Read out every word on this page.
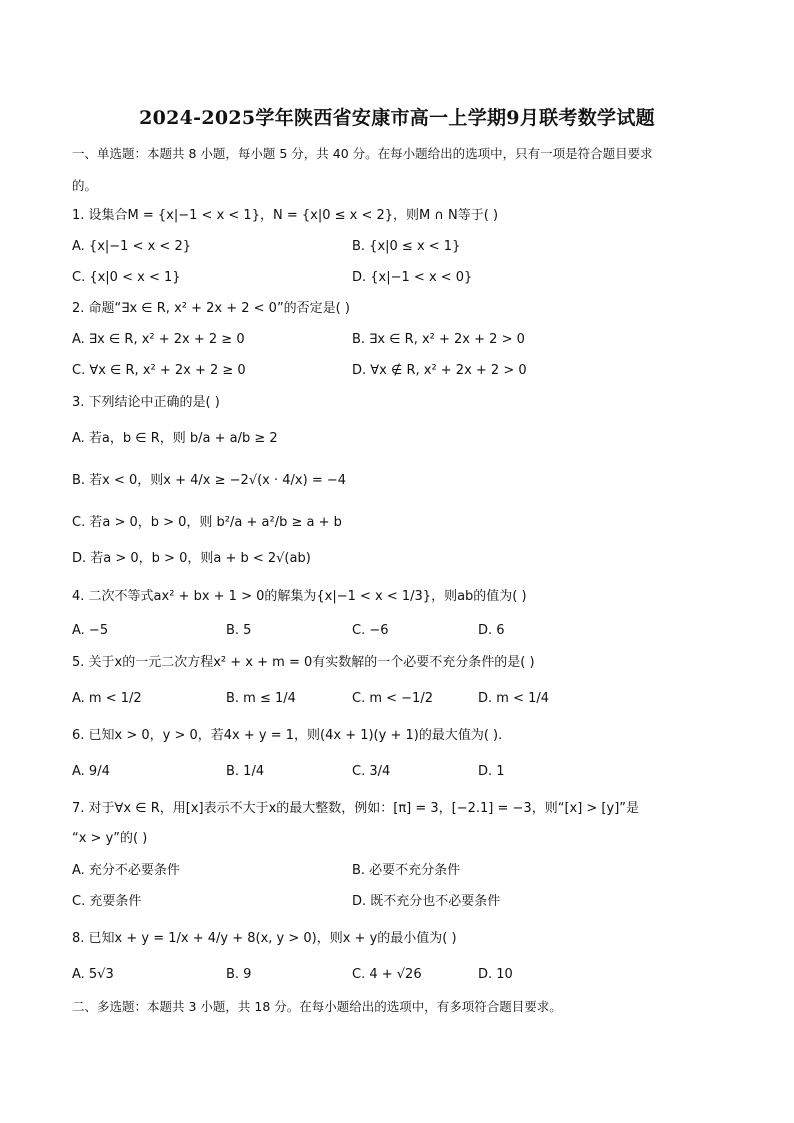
2024-2025学年陕西省安康市高一上学期9月联考数学试题
一、单选题：本题共 8 小题，每小题 5 分，共 40 分。在每小题给出的选项中，只有一项是符合题目要求
的。
1. 设集合M = {x|−1 < x < 1}，N = {x|0 ≤ x < 2}，则M ∩ N等于( )
A. {x|−1 < x < 2}	B. {x|0 ≤ x < 1}
C. {x|0 < x < 1}	D. {x|−1 < x < 0}
2. 命题“∃x ∈ R, x² + 2x + 2 < 0”的否定是( )
A. ∃x ∈ R, x² + 2x + 2 ≥ 0	B. ∃x ∈ R, x² + 2x + 2 > 0
C. ∀x ∈ R, x² + 2x + 2 ≥ 0	D. ∀x ∉ R, x² + 2x + 2 > 0
3. 下列结论中正确的是( )
A. 若a，b ∈ R，则 b/a + a/b ≥ 2
B. 若x < 0，则x + 4/x ≥ −2√(x · 4/x) = −4
C. 若a > 0，b > 0，则 b²/a + a²/b ≥ a + b
D. 若a > 0，b > 0，则a + b < 2√(ab)
4. 二次不等式ax² + bx + 1 > 0的解集为{x|−1 < x < 1/3}，则ab的值为( )
A. −5	B. 5	C. −6	D. 6
5. 关于x的一元二次方程x² + x + m = 0有实数解的一个必要不充分条件的是( )
A. m < 1/2	B. m ≤ 1/4	C. m < −1/2	D. m < 1/4
6. 已知x > 0，y > 0，若4x + y = 1，则(4x + 1)(y + 1)的最大值为( ).
A. 9/4	B. 1/4	C. 3/4	D. 1
7. 对于∀x ∈ R，用[x]表示不大于x的最大整数，例如：[π] = 3，[−2.1] = −3，则“[x] > [y]”是
“x > y”的( )
A. 充分不必要条件	B. 必要不充分条件
C. 充要条件	D. 既不充分也不必要条件
8. 已知x + y = 1/x + 4/y + 8(x, y > 0)，则x + y的最小值为( )
A. 5√3	B. 9	C. 4 + √26	D. 10
二、多选题：本题共 3 小题，共 18 分。在每小题给出的选项中，有多项符合题目要求。
